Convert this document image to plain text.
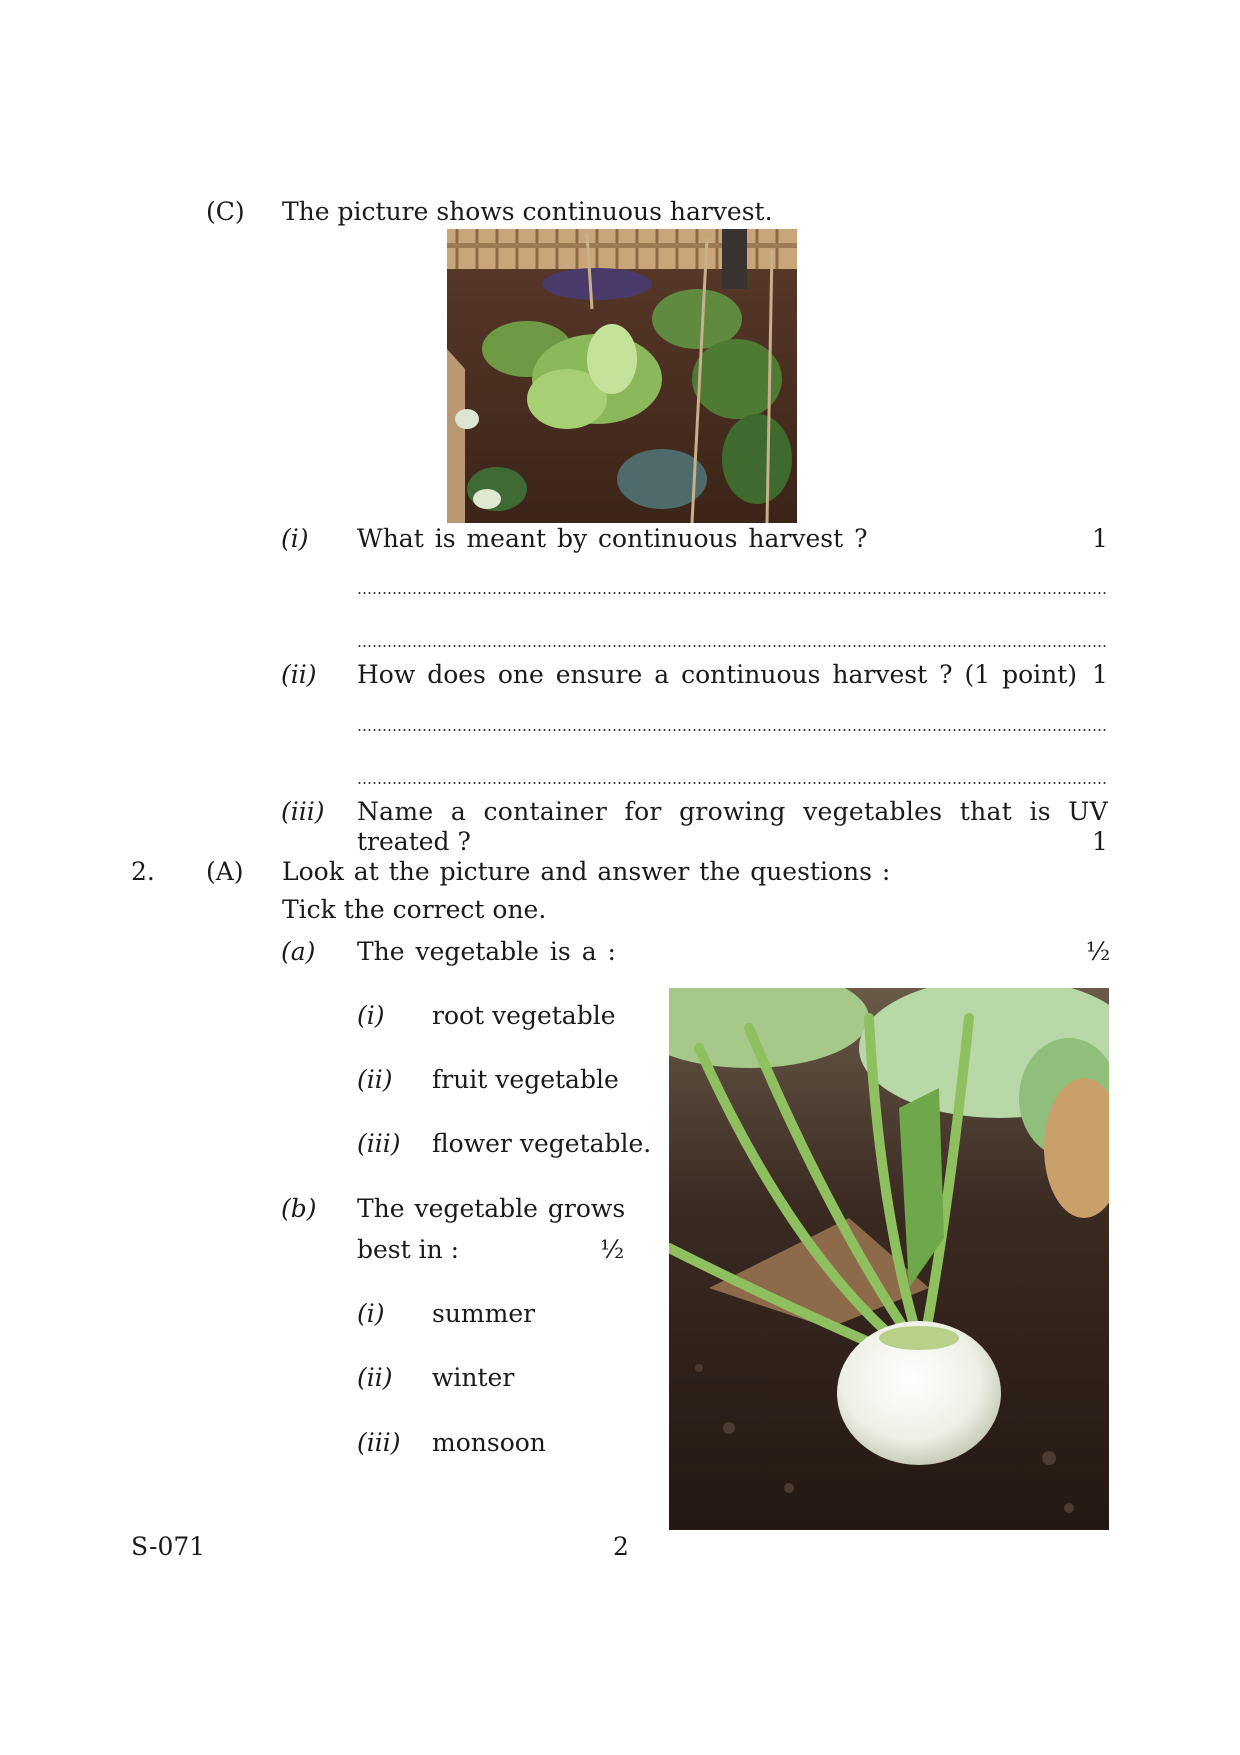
(C) The picture shows continuous harvest.
(i) What is meant by continuous harvest ?	1
(ii) How does one ensure a continuous harvest ? (1 point) 1
(iii) Name a container for growing vegetables that is UV
treated ?	1
2. (A) Look at the picture and answer the questions :
Tick the correct one.
(a) The vegetable is a :	½
(i) root vegetable
(ii) fruit vegetable
(iii) flower vegetable.
(b) The vegetable grows
best in :	½
(i) summer
(ii) winter
(iii) monsoon
S-071	2
